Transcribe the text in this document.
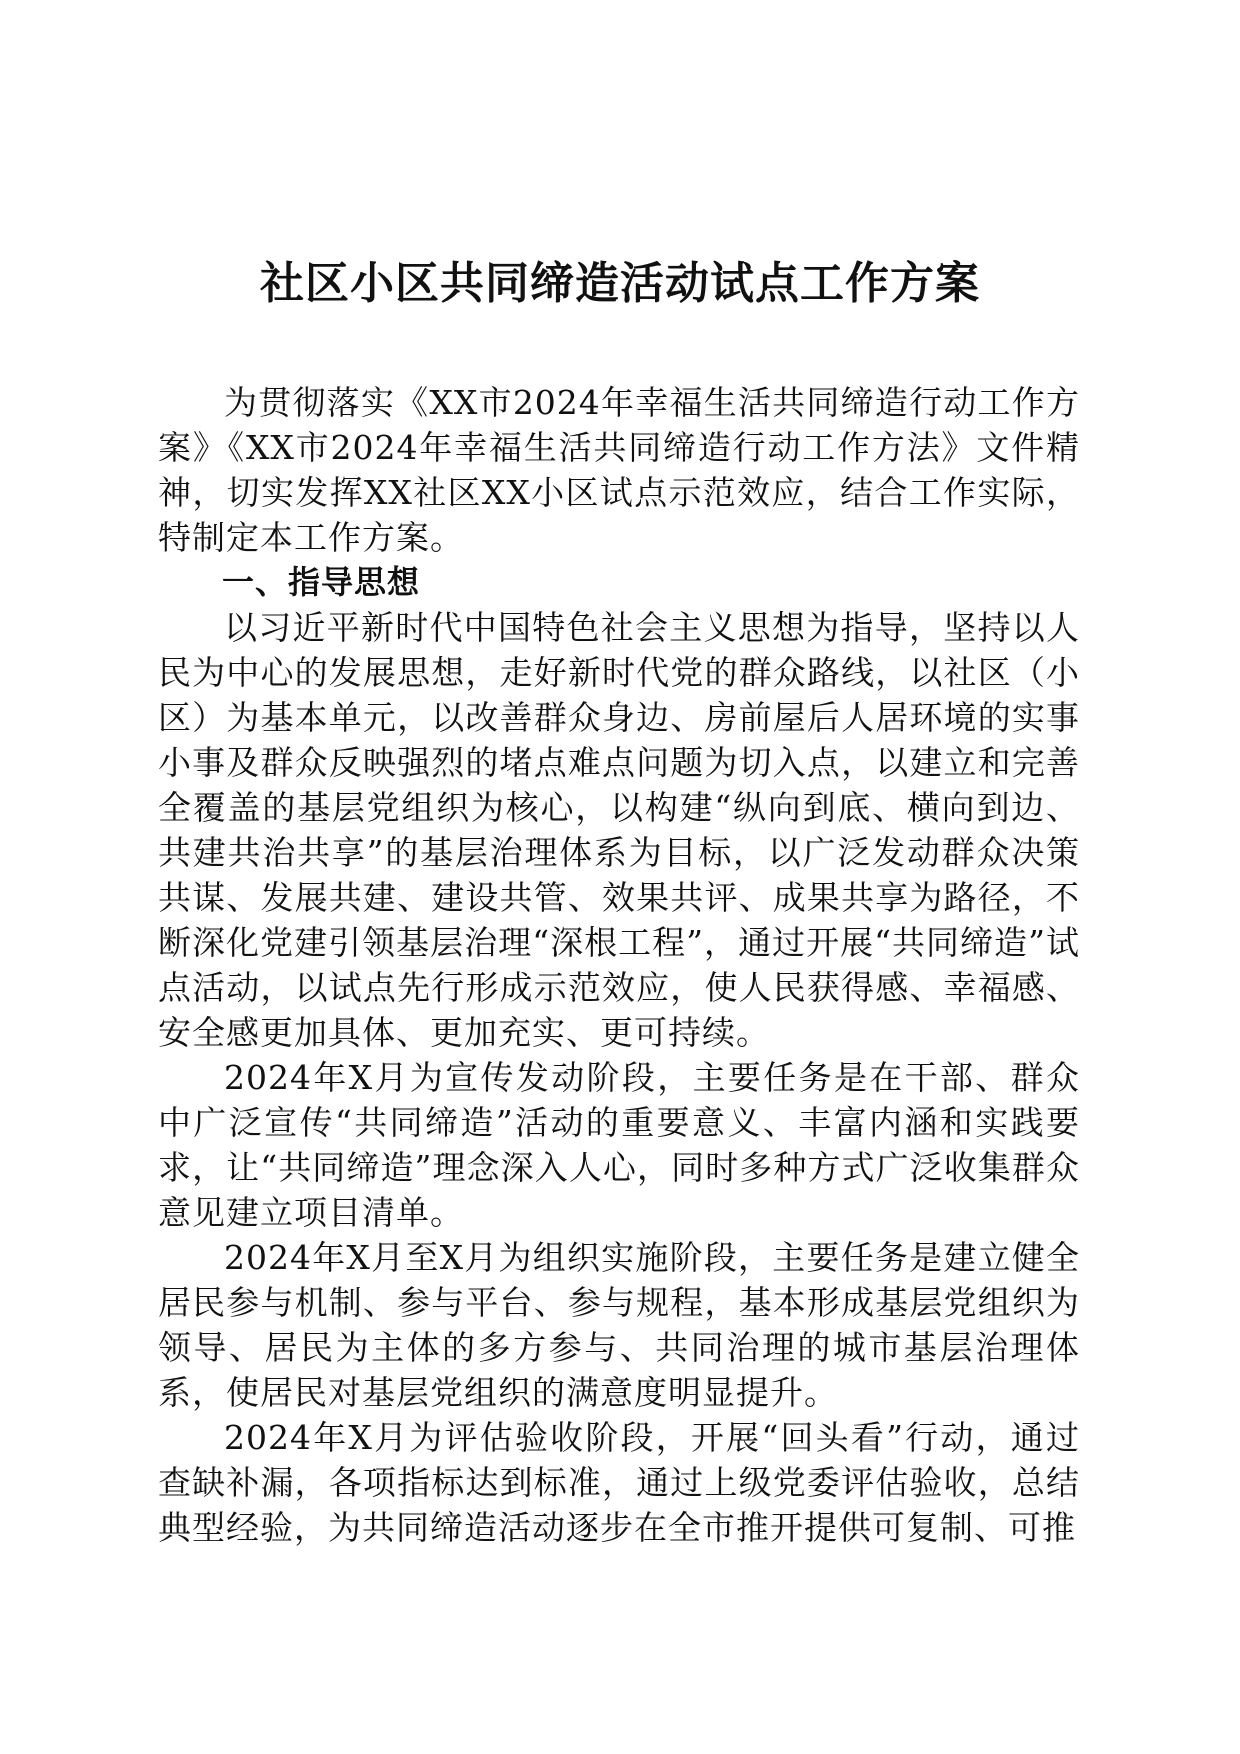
社区小区共同缔造活动试点工作方案

为贯彻落实《XX市2024年幸福生活共同缔造行动工作方案》《XX市2024年幸福生活共同缔造行动工作方法》文件精神，切实发挥XX社区XX小区试点示范效应，结合工作实际，特制定本工作方案。

一、指导思想

以习近平新时代中国特色社会主义思想为指导，坚持以人民为中心的发展思想，走好新时代党的群众路线，以社区（小区）为基本单元，以改善群众身边、房前屋后人居环境的实事小事及群众反映强烈的堵点难点问题为切入点，以建立和完善全覆盖的基层党组织为核心，以构建“纵向到底、横向到边、共建共治共享”的基层治理体系为目标，以广泛发动群众决策共谋、发展共建、建设共管、效果共评、成果共享为路径，不断深化党建引领基层治理“深根工程”，通过开展“共同缔造”试点活动，以试点先行形成示范效应，使人民获得感、幸福感、安全感更加具体、更加充实、更可持续。

2024年X月为宣传发动阶段，主要任务是在干部、群众中广泛宣传“共同缔造”活动的重要意义、丰富内涵和实践要求，让“共同缔造”理念深入人心，同时多种方式广泛收集群众意见建立项目清单。

2024年X月至X月为组织实施阶段，主要任务是建立健全居民参与机制、参与平台、参与规程，基本形成基层党组织为领导、居民为主体的多方参与、共同治理的城市基层治理体系，使居民对基层党组织的满意度明显提升。

2024年X月为评估验收阶段，开展“回头看”行动，通过查缺补漏，各项指标达到标准，通过上级党委评估验收，总结典型经验，为共同缔造活动逐步在全市推开提供可复制、可推
